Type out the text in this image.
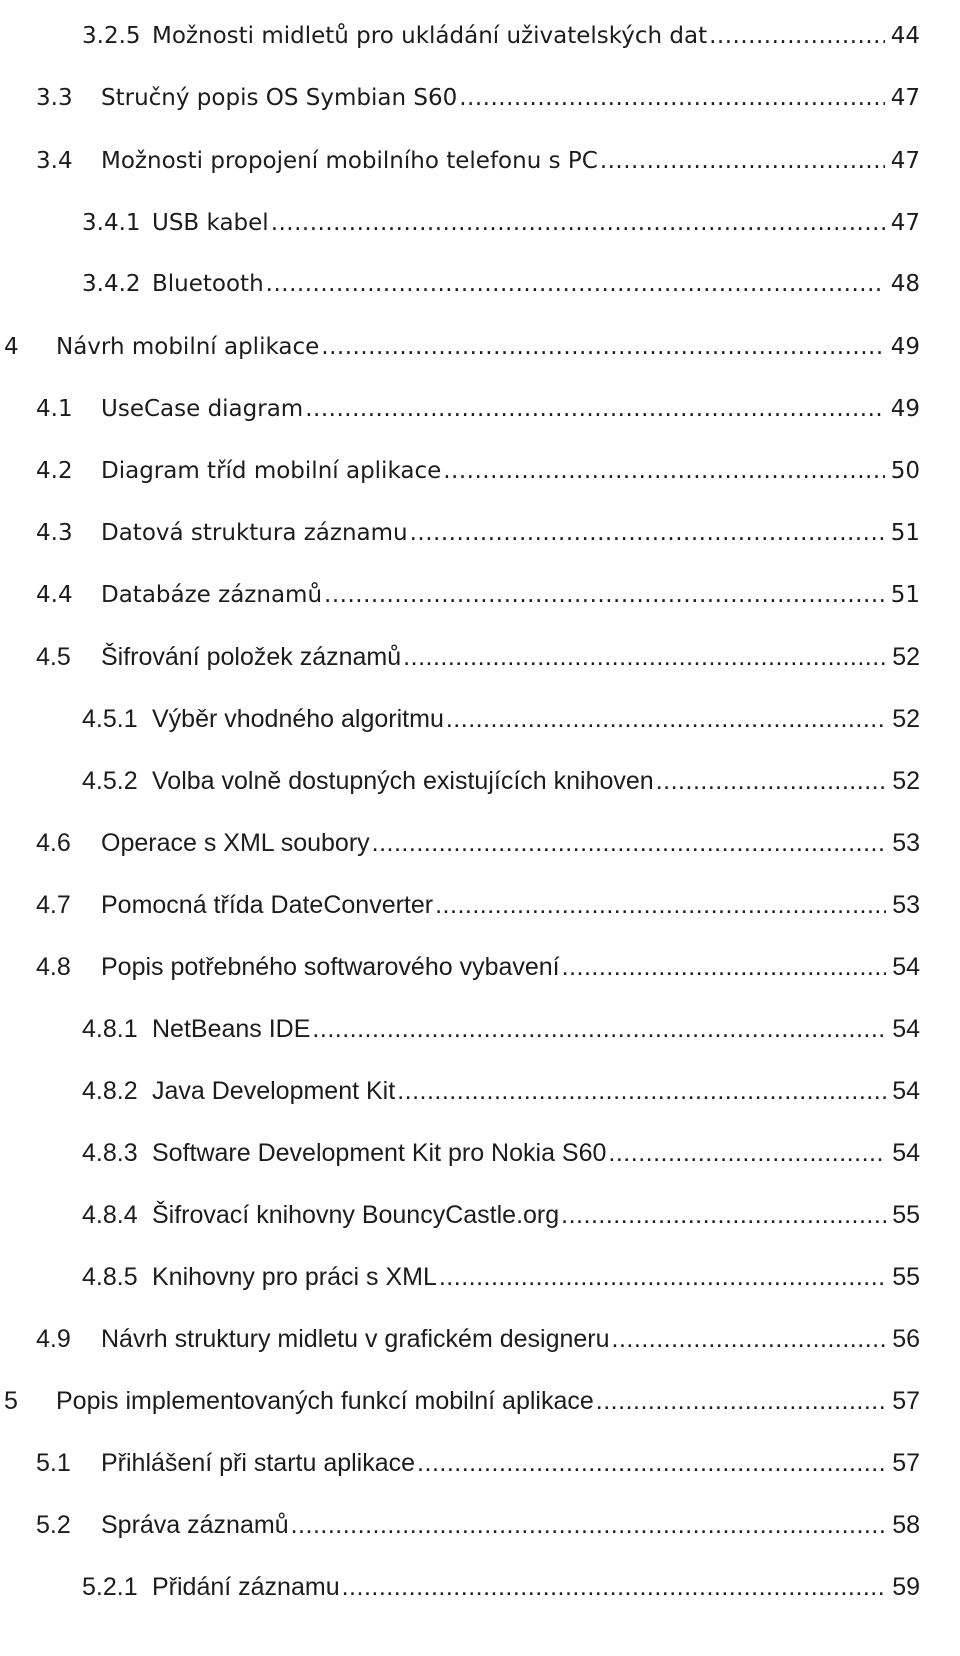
3.2.5 Možnosti midletů pro ukládání uživatelských dat .....	44
3.3 Stručný popis OS Symbian S60 .....	47
3.4 Možnosti propojení mobilního telefonu s PC .....	47
3.4.1 USB kabel .....	47
3.4.2 Bluetooth .....	48
4 Návrh mobilní aplikace .....	49
4.1 UseCase diagram .....	49
4.2 Diagram tříd mobilní aplikace .....	50
4.3 Datová struktura záznamu .....	51
4.4 Databáze záznamů .....	51
4.5 Šifrování položek záznamů .....	52
4.5.1 Výběr vhodného algoritmu .....	52
4.5.2 Volba volně dostupných existujících knihoven .....	52
4.6 Operace s XML soubory .....	53
4.7 Pomocná třída DateConverter .....	53
4.8 Popis potřebného softwarového vybavení .....	54
4.8.1 NetBeans IDE .....	54
4.8.2 Java Development Kit .....	54
4.8.3 Software Development Kit pro Nokia S60 .....	54
4.8.4 Šifrovací knihovny BouncyCastle.org .....	55
4.8.5 Knihovny pro práci s XML .....	55
4.9 Návrh struktury midletu v grafickém designeru .....	56
5 Popis implementovaných funkcí mobilní aplikace .....	57
5.1 Přihlášení při startu aplikace .....	57
5.2 Správa záznamů .....	58
5.2.1 Přidání záznamu .....	59
